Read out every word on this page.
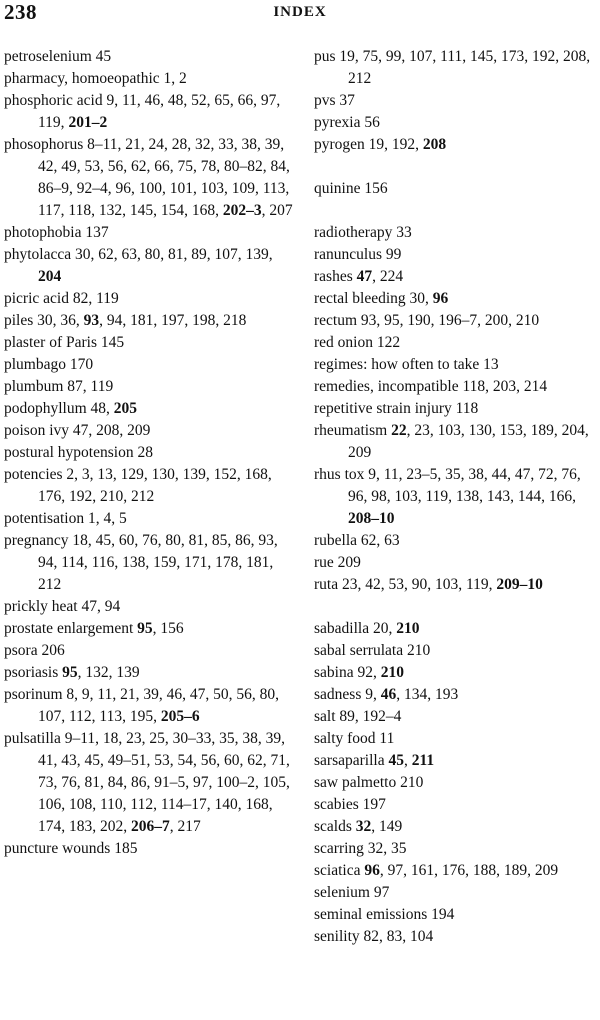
238	INDEX
petroselenium 45
pharmacy, homoeopathic 1, 2
phosphoric acid 9, 11, 46, 48, 52, 65, 66, 97, 119, 201–2
phosophorus 8–11, 21, 24, 28, 32, 33, 38, 39, 42, 49, 53, 56, 62, 66, 75, 78, 80–82, 84, 86–9, 92–4, 96, 100, 101, 103, 109, 113, 117, 118, 132, 145, 154, 168, 202–3, 207
photophobia 137
phytolacca 30, 62, 63, 80, 81, 89, 107, 139, 204
picric acid 82, 119
piles 30, 36, 93, 94, 181, 197, 198, 218
plaster of Paris 145
plumbago 170
plumbum 87, 119
podophyllum 48, 205
poison ivy 47, 208, 209
postural hypotension 28
potencies 2, 3, 13, 129, 130, 139, 152, 168, 176, 192, 210, 212
potentisation 1, 4, 5
pregnancy 18, 45, 60, 76, 80, 81, 85, 86, 93, 94, 114, 116, 138, 159, 171, 178, 181, 212
prickly heat 47, 94
prostate enlargement 95, 156
psora 206
psoriasis 95, 132, 139
psorinum 8, 9, 11, 21, 39, 46, 47, 50, 56, 80, 107, 112, 113, 195, 205–6
pulsatilla 9–11, 18, 23, 25, 30–33, 35, 38, 39, 41, 43, 45, 49–51, 53, 54, 56, 60, 62, 71, 73, 76, 81, 84, 86, 91–5, 97, 100–2, 105, 106, 108, 110, 112, 114–17, 140, 168, 174, 183, 202, 206–7, 217
puncture wounds 185
pus 19, 75, 99, 107, 111, 145, 173, 192, 208, 212
pvs 37
pyrexia 56
pyrogen 19, 192, 208
quinine 156
radiotherapy 33
ranunculus 99
rashes 47, 224
rectal bleeding 30, 96
rectum 93, 95, 190, 196–7, 200, 210
red onion 122
regimes: how often to take 13
remedies, incompatible 118, 203, 214
repetitive strain injury 118
rheumatism 22, 23, 103, 130, 153, 189, 204, 209
rhus tox 9, 11, 23–5, 35, 38, 44, 47, 72, 76, 96, 98, 103, 119, 138, 143, 144, 166, 208–10
rubella 62, 63
rue 209
ruta 23, 42, 53, 90, 103, 119, 209–10
sabadilla 20, 210
sabal serrulata 210
sabina 92, 210
sadness 9, 46, 134, 193
salt 89, 192–4
salty food 11
sarsaparilla 45, 211
saw palmetto 210
scabies 197
scalds 32, 149
scarring 32, 35
sciatica 96, 97, 161, 176, 188, 189, 209
selenium 97
seminal emissions 194
senility 82, 83, 104
